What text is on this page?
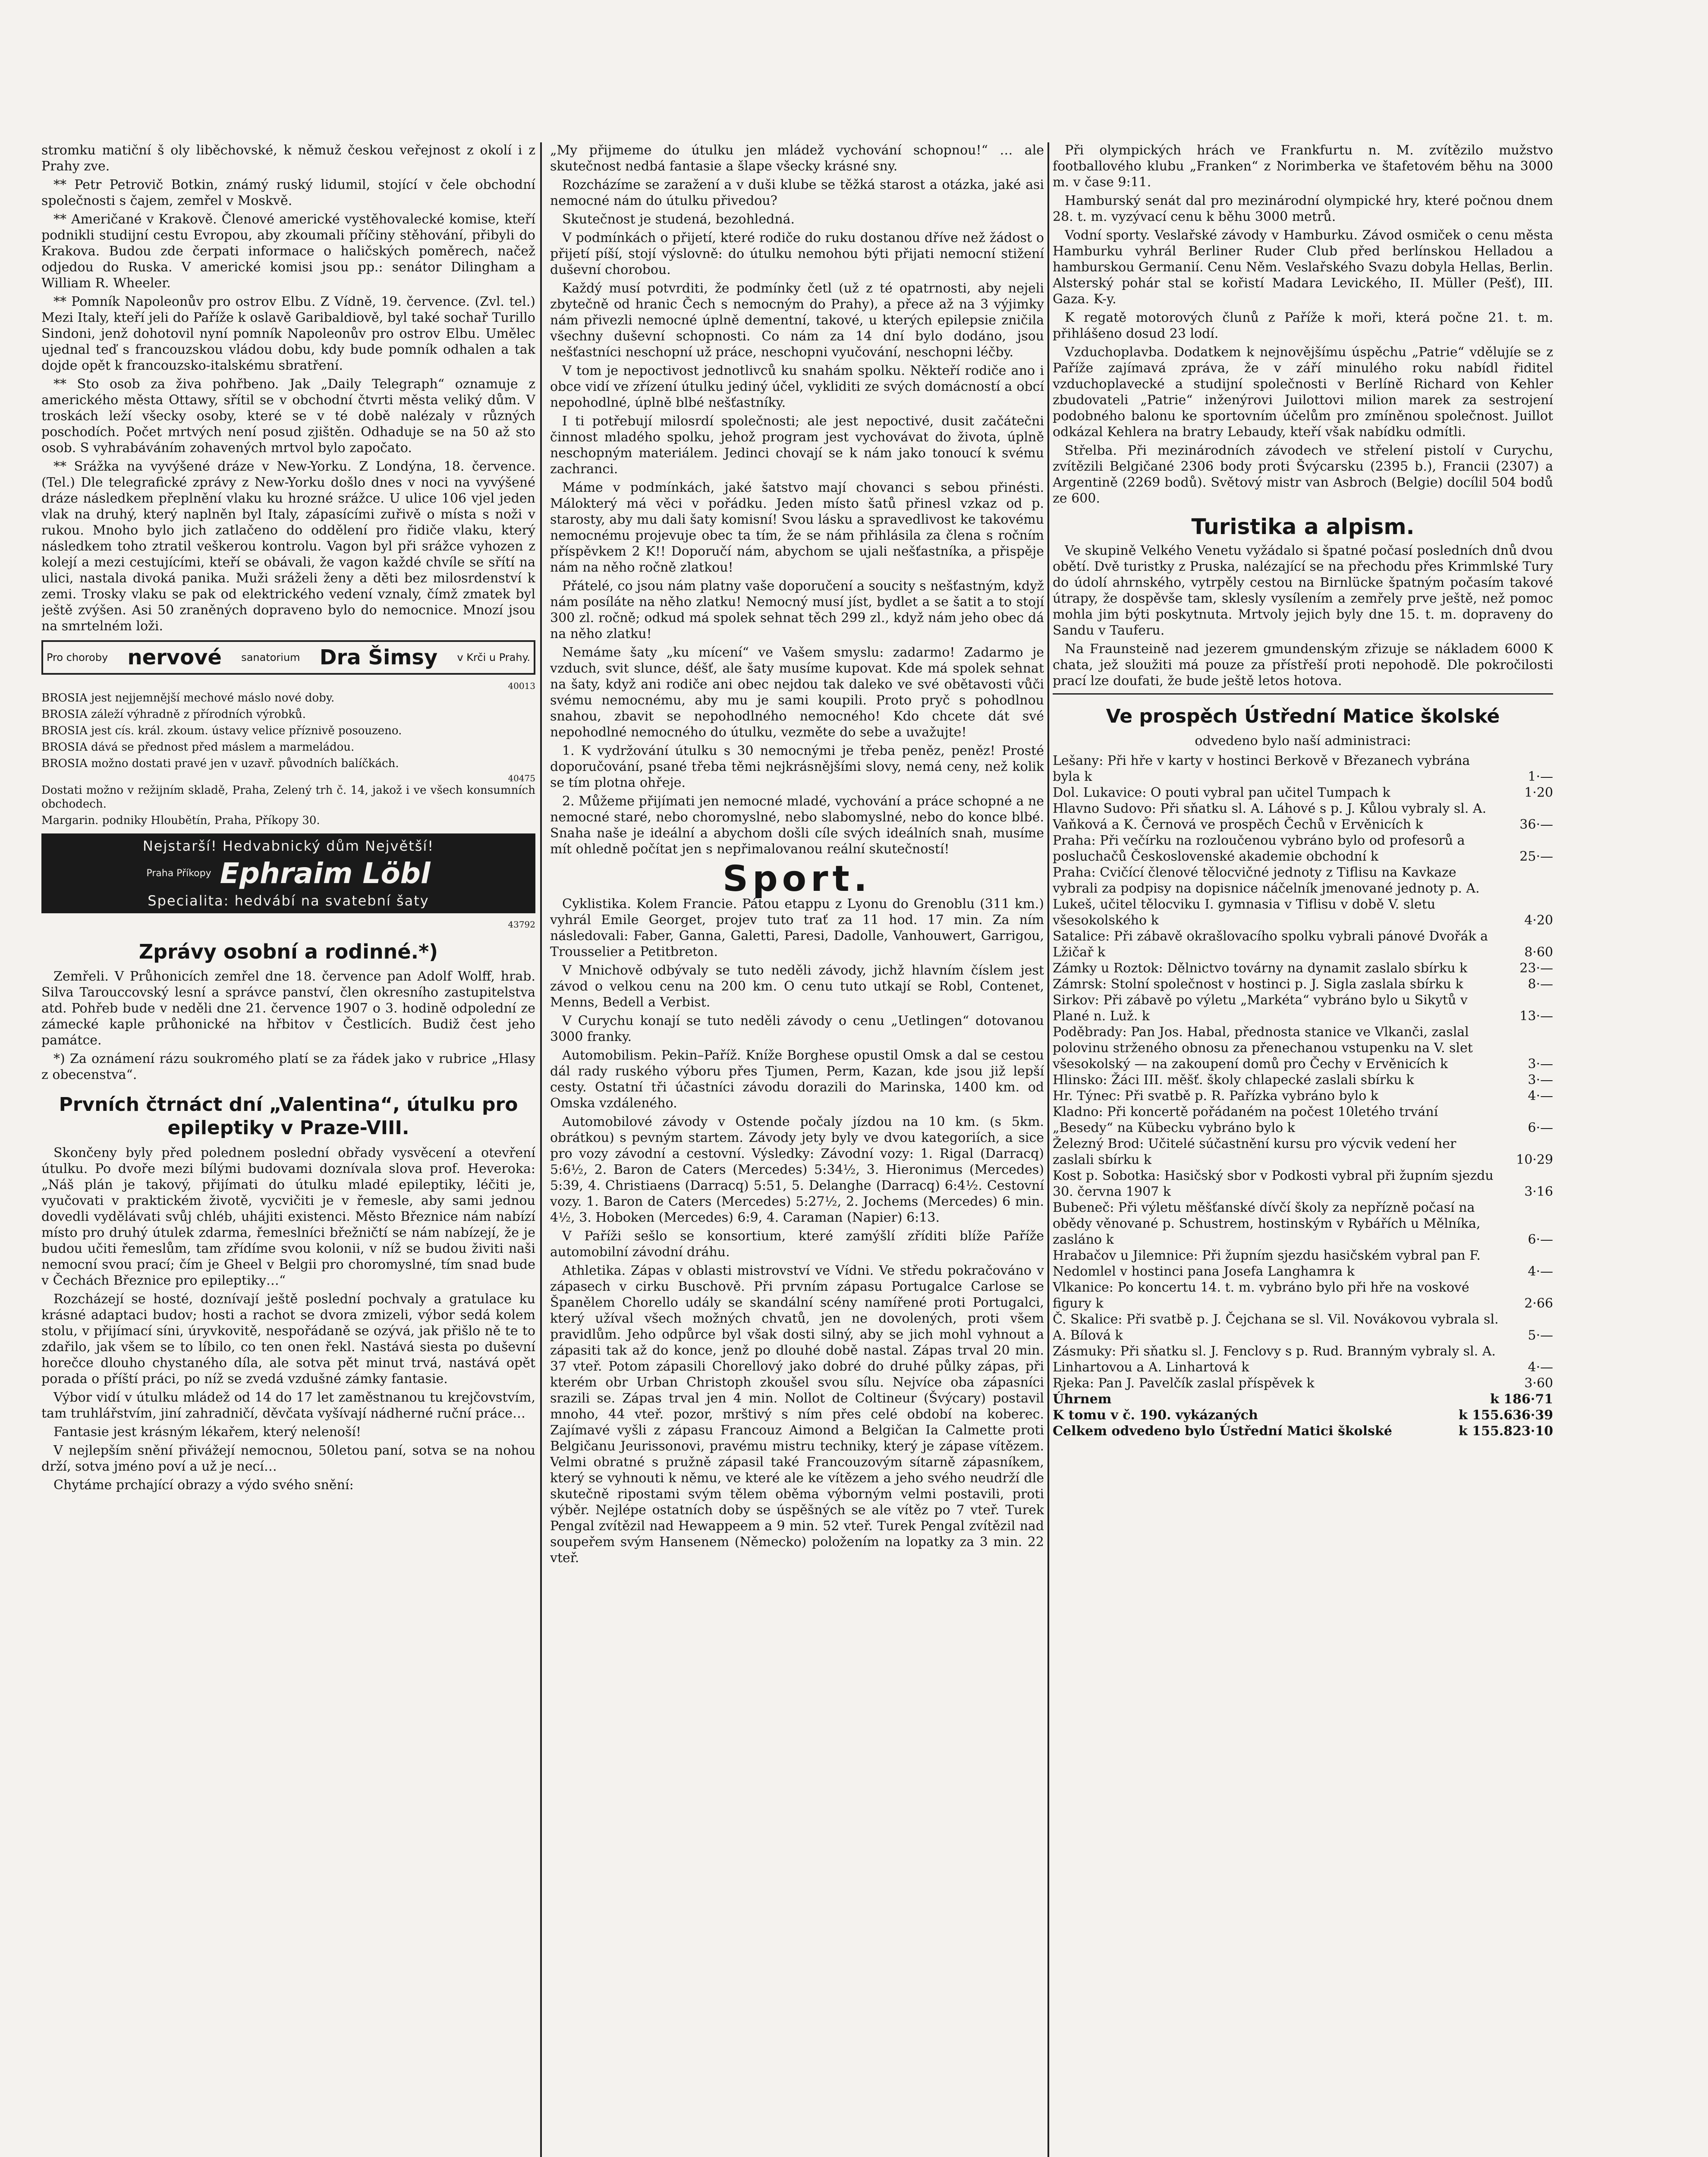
stromku matiční š oly liběchovské, k němuž českou veřejnost z okolí i z Prahy zve.

** Petr Petrovič Botkin, známý ruský lidumil, stojící v čele obchodní společnosti s čajem, zemřel v Moskvě.

** Američané v Krakově. Členové americké vystěhovalecké komise, kteří podnikli studijní cestu Evropou, aby zkoumali příčiny stěhování, přibyli do Krakova. Budou zde čerpati informace o haličských poměrech, načež odjedou do Ruska. V americké komisi jsou pp.: senátor Dilingham a William R. Wheeler.

** Pomník Napoleonův pro ostrov Elbu. Z Vídně, 19. července. (Zvl. tel.) Mezi Italy, kteří jeli do Paříže k oslavě Garibaldiově, byl také sochař Turillo Sindoni, jenž dohotovil nyní pomník Napoleonův pro ostrov Elbu. Umělec ujednal teď s francouzskou vládou dobu, kdy bude pomník odhalen a tak dojde opět k francouzsko-italskému sbratření.

** Sto osob za živa pohřbeno. Jak „Daily Telegraph“ oznamuje z amerického města Ottawy, sřítil se v obchodní čtvrti města veliký dům. V troskách leží všecky osoby, které se v té době nalézaly v různých poschodích. Počet mrtvých není posud zjištěn. Odhaduje se na 50 až sto osob. S vyhrabáváním zohavených mrtvol bylo započato.

** Srážka na vyvýšené dráze v New-Yorku. Z Londýna, 18. července. (Tel.) Dle telegrafické zprávy z New-Yorku došlo dnes v noci na vyvýšené dráze následkem přeplnění vlaku ku hrozné srážce. U ulice 106 vjel jeden vlak na druhý, který naplněn byl Italy, zápasícími zuřivě o místa s noži v rukou. Mnoho bylo jich zatlačeno do oddělení pro řidiče vlaku, který následkem toho ztratil veškerou kontrolu. Vagon byl při srážce vyhozen z kolejí a mezi cestujícími, kteří se obávali, že vagon každé chvíle se sřítí na ulici, nastala divoká panika. Muži sráželi ženy a děti bez milosrdenství k zemi. Trosky vlaku se pak od elektrického vedení vznaly, čímž zmatek byl ještě zvýšen. Asi 50 zraněných dopraveno bylo do nemocnice. Mnozí jsou na smrtelném loži.

Pro choroby nervové sanatorium Dra Šimsy v Krči u Prahy.
40013

BROSIA jest nejjemnější mechové máslo nové doby.

BROSIA záleží výhradně z přírodních výrobků.

BROSIA jest cís. král. zkoum. ústavy velice příznivě posouzeno.

BROSIA dává se přednost před máslem a marmeládou.

BROSIA možno dostati pravé jen v uzavř. původních balíčkách.

40475

Dostati možno v režijním skladě, Praha, Zelený trh č. 14, jakož i ve všech konsumních obchodech.

Margarin. podniky Hloubětín, Praha, Příkopy 30.

Nejstarší! Hedvabnický dům Největší!
Praha Příkopy Ephraim Löbl
Specialita: hedvábí na svatební šaty
43792
Zprávy osobní a rodinné.*)

Zemřeli. V Průhonicích zemřel dne 18. července pan Adolf Wolff, hrab. Silva Tarouccovský lesní a správce panství, člen okresního zastupitelstva atd. Pohřeb bude v neděli dne 21. července 1907 o 3. hodině odpolední ze zámecké kaple průhonické na hřbitov v Čestlicích. Budiž čest jeho památce.

*) Za oznámení rázu soukromého platí se za řádek jako v rubrice „Hlasy z obecenstva“.

Prvních čtrnáct dní „Valentina“, útulku pro epileptiky v Praze-VIII.

Skončeny byly před polednem poslední obřady vysvěcení a otevření útulku. Po dvoře mezi bílými budovami doznívala slova prof. Heveroka: „Náš plán je takový, přijímati do útulku mladé epileptiky, léčiti je, vyučovati v praktickém životě, vycvičiti je v řemesle, aby sami jednou dovedli vydělávati svůj chléb, uhájiti existenci. Město Březnice nám nabízí místo pro druhý útulek zdarma, řemeslníci břežničtí se nám nabízejí, že je budou učiti řemeslům, tam zřídíme svou kolonii, v níž se budou živiti naši nemocní svou prací; čím je Gheel v Belgii pro choromyslné, tím snad bude v Čechách Březnice pro epileptiky…“

Rozcházejí se hosté, doznívají ještě poslední pochvaly a gratulace ku krásné adaptaci budov; hosti a rachot se dvora zmizeli, výbor sedá kolem stolu, v přijímací síni, úryvkovitě, nespořádaně se ozývá, jak přišlo ně te to zdařilo, jak všem se to líbilo, co ten onen řekl. Nastává siesta po duševní horečce dlouho chystaného díla, ale sotva pět minut trvá, nastává opět porada o příští práci, po níž se zvedá vzdušné zámky fantasie.

Výbor vidí v útulku mládež od 14 do 17 let zaměstnanou tu krejčovstvím, tam truhlářstvím, jiní zahradničí, děvčata vyšívají nádherné ruční práce…

Fantasie jest krásným lékařem, který nelenoší!

V nejlepším snění přivážejí nemocnou, 50letou paní, sotva se na nohou drží, sotva jméno poví a už je necí…

Chytáme prchající obrazy a výdo svého snění:

„My přijmeme do útulku jen mládež vychování schopnou!“ … ale skutečnost nedbá fantasie a šlape všecky krásné sny.

Rozcházíme se zaražení a v duši klube se těžká starost a otázka, jaké asi nemocné nám do útulku přivedou?

Skutečnost je studená, bezohledná.

V podmínkách o přijetí, které rodiče do ruku dostanou dříve než žádost o přijetí píší, stojí výslovně: do útulku nemohou býti přijati nemocní stižení duševní chorobou.

Každý musí potvrditi, že podmínky četl (už z té opatrnosti, aby nejeli zbytečně od hranic Čech s nemocným do Prahy), a přece až na 3 výjimky nám přivezli nemocné úplně dementní, takové, u kterých epilepsie zničila všechny duševní schopnosti. Co nám za 14 dní bylo dodáno, jsou nešťastníci neschopní už práce, neschopni vyučování, neschopni léčby.

V tom je nepoctivost jednotlivců ku snahám spolku. Někteří rodiče ano i obce vidí ve zřízení útulku jediný účel, vykliditi ze svých domácností a obcí nepohodlné, úplně blbé nešťastníky.

I ti potřebují milosrdí společnosti; ale jest nepoctivé, dusit začátečni činnost mladého spolku, jehož program jest vychovávat do života, úplně neschopným materiálem. Jedinci chovají se k nám jako tonoucí k svému zachranci.

Máme v podmínkách, jaké šatstvo mají chovanci s sebou přinésti. Málokterý má věci v pořádku. Jeden místo šatů přinesl vzkaz od p. starosty, aby mu dali šaty komisní! Svou lásku a spravedlivost ke takovému nemocnému projevuje obec ta tím, že se nám přihlásila za člena s ročním příspěvkem 2 K!! Doporučí nám, abychom se ujali nešťastníka, a přispěje nám na něho ročně zlatkou!

Přátelé, co jsou nám platny vaše doporučení a soucity s nešťastným, když nám posíláte na něho zlatku! Nemocný musí jíst, bydlet a se šatit a to stojí 300 zl. ročně; odkud má spolek sehnat těch 299 zl., když nám jeho obec dá na něho zlatku!

Nemáme šaty „ku mícení“ ve Vašem smyslu: zadarmo! Zadarmo je vzduch, svit slunce, déšť, ale šaty musíme kupovat. Kde má spolek sehnat na šaty, když ani rodiče ani obec nejdou tak daleko ve své obětavosti vůči svému nemocnému, aby mu je sami koupili. Proto pryč s pohodlnou snahou, zbavit se nepohodlného nemocného! Kdo chcete dát své nepohodlné nemocného do útulku, vezměte do sebe a uvažujte!

1. K vydržování útulku s 30 nemocnými je třeba peněz, peněz! Prosté doporučování, psané třeba těmi nejkrásnějšími slovy, nemá ceny, než kolik se tím plotna ohřeje.

2. Můžeme přijímati jen nemocné mladé, vychování a práce schopné a ne nemocné staré, nebo choromyslné, nebo slabomyslné, nebo do konce blbé. Snaha naše je ideální a abychom došli cíle svých ideálních snah, musíme mít ohledně počítat jen s nepřimalovanou reální skutečností!

Sport.

Cyklistika. Kolem Francie. Pátou etappu z Lyonu do Grenoblu (311 km.) vyhrál Emile Georget, projev tuto trať za 11 hod. 17 min. Za ním následovali: Faber, Ganna, Galetti, Paresi, Dadolle, Vanhouwert, Garrigou, Trousselier a Petitbreton.

V Mnichově odbývaly se tuto neděli závody, jichž hlavním číslem jest závod o velkou cenu na 200 km. O cenu tuto utkají se Robl, Contenet, Menns, Bedell a Verbist.

V Curychu konají se tuto neděli závody o cenu „Uetlingen“ dotovanou 3000 franky.

Automobilism. Pekin–Paříž. Kníže Borghese opustil Omsk a dal se cestou dál rady ruského výboru přes Tjumen, Perm, Kazan, kde jsou již lepší cesty. Ostatní tři účastníci závodu dorazili do Marinska, 1400 km. od Omska vzdáleného.

Automobilové závody v Ostende počaly jízdou na 10 km. (s 5km. obrátkou) s pevným startem. Závody jety byly ve dvou kategoriích, a sice pro vozy závodní a cestovní. Výsledky: Závodní vozy: 1. Rigal (Darracq) 5:6½, 2. Baron de Caters (Mercedes) 5:34½, 3. Hieronimus (Mercedes) 5:39, 4. Christiaens (Darracq) 5:51, 5. Delanghe (Darracq) 6:4½. Cestovní vozy. 1. Baron de Caters (Mercedes) 5:27½, 2. Jochems (Mercedes) 6 min. 4½, 3. Hoboken (Mercedes) 6:9, 4. Caraman (Napier) 6:13.

V Paříži sešlo se konsortium, které zamýšlí zříditi blíže Paříže automobilní závodní dráhu.

Athletika. Zápas v oblasti mistrovství ve Vídni. Ve středu pokračováno v zápasech v cirku Buschově. Při prvním zápasu Portugalce Carlose se Španělem Chorello udály se skandální scény namířené proti Portugalci, který užíval všech možných chvatů, jen ne dovolených, proti všem pravidlům. Jeho odpůrce byl však dosti silný, aby se jich mohl vyhnout a zápasiti tak až do konce, jenž po dlouhé době nastal. Zápas trval 20 min. 37 vteř. Potom zápasili Chorellový jako dobré do druhé půlky zápas, při kterém obr Urban Christoph zkoušel svou sílu. Nejvíce oba zápasníci srazili se. Zápas trval jen 4 min. Nollot de Coltineur (Švýcary) postavil mnoho, 44 vteř. pozor, mrštivý s ním přes celé období na koberec. Zajímavé vyšli z zápasu Francouz Aimond a Belgičan Ia Calmette proti Belgičanu Jeurissonovi, pravému mistru techniky, který je zápase vítězem. Velmi obratné s pružně zápasil také Francouzovým sítarně zápasníkem, který se vyhnouti k němu, ve které ale ke vítězem a jeho svého neudrží dle skutečně ripostami svým tělem oběma výborným velmi postavili, proti výběr. Nejlépe ostatních doby se úspěšných se ale vítěz po 7 vteř. Turek Pengal zvítězil nad Hewappeem a 9 min. 52 vteř. Turek Pengal zvítězil nad soupeřem svým Hansenem (Německo) položením na lopatky za 3 min. 22 vteř.

Při olympických hrách ve Frankfurtu n. M. zvítězilo mužstvo footballového klubu „Franken“ z Norimberka ve štafetovém běhu na 3000 m. v čase 9:11.

Hamburský senát dal pro mezinárodní olympické hry, které počnou dnem 28. t. m. vyzývací cenu k běhu 3000 metrů.

Vodní sporty. Veslařské závody v Hamburku. Závod osmiček o cenu města Hamburku vyhrál Berliner Ruder Club před berlínskou Helladou a hamburskou Germanií. Cenu Něm. Veslařského Svazu dobyla Hellas, Berlin. Alsterský pohár stal se kořistí Madara Levického, II. Müller (Pešť), III. Gaza. K-y.

K regatě motorových člunů z Paříže k moři, která počne 21. t. m. přihlášeno dosud 23 lodí.

Vzduchoplavba. Dodatkem k nejnovějšímu úspěchu „Patrie“ vdělujíe se z Paříže zajímavá zpráva, že v září minulého roku nabídl řiditel vzduchoplavecké a studijní společnosti v Berlíně Richard von Kehler zbudovateli „Patrie“ inženýrovi Juilottovi milion marek za sestrojení podobného balonu ke sportovním účelům pro zmíněnou společnost. Juillot odkázal Kehlera na bratry Lebaudy, kteří však nabídku odmítli.

Střelba. Při mezinárodních závodech ve střelení pistolí v Curychu, zvítězili Belgičané 2306 body proti Švýcarsku (2395 b.), Francii (2307) a Argentině (2269 bodů). Světový mistr van Asbroch (Belgie) docílil 504 bodů ze 600.

Turistika a alpism.

Ve skupině Velkého Venetu vyžádalo si špatné počasí posledních dnů dvou obětí. Dvě turistky z Pruska, nalézající se na přechodu přes Krimmlské Tury do údolí ahrnského, vytrpěly cestou na Birnlücke špatným počasím takové útrapy, že dospěvše tam, sklesly vysílením a zemřely prve ještě, než pomoc mohla jim býti poskytnuta. Mrtvoly jejich byly dne 15. t. m. dopraveny do Sandu v Tauferu.

Na Fraunsteině nad jezerem gmundenským zřizuje se nákladem 6000 K chata, jež sloužiti má pouze za přístřeší proti nepohodě. Dle pokročilosti prací lze doufati, že bude ještě letos hotova.

Ve prospěch Ústřední Matice školské
odvedeno bylo naší administraci:
Lešany: Při hře v karty v hostinci Berkově v Březanech vybrána byla k	1·—
Dol. Lukavice: O pouti vybral pan učitel Tumpach k	1·20
Hlavno Sudovo: Při sňatku sl. A. Láhové s p. J. Kůlou vybraly sl. A. Vaňková a K. Černová ve prospěch Čechů v Ervěnicích k	36·—
Praha: Při večírku na rozloučenou vybráno bylo od profesorů a posluchačů Československé akademie obchodní k	25·—
Praha: Cvičící členové tělocvičné jednoty z Tiflisu na Kavkaze vybrali za podpisy na dopisnice náčelník jmenované jednoty p. A. Lukeš, učitel tělocviku I. gymnasia v Tiflisu v době V. sletu všesokolského k	4·20
Satalice: Při zábavě okrašlovacího spolku vybrali pánové Dvořák a Lžičař k	8·60
Zámky u Roztok: Dělnictvo továrny na dynamit zaslalo sbírku k	23·—
Zámrsk: Stolní společnost v hostinci p. J. Sigla zaslala sbírku k	8·—
Sirkov: Při zábavě po výletu „Markéta“ vybráno bylo u Sikytů v Plané n. Luž. k	13·—
Poděbrady: Pan Jos. Habal, přednosta stanice ve Vlkanči, zaslal polovinu strženého obnosu za přenechanou vstupenku na V. slet všesokolský — na zakoupení domů pro Čechy v Ervěnicích k	3·—
Hlinsko: Žáci III. měšť. školy chlapecké zaslali sbírku k	3·—
Hr. Týnec: Při svatbě p. R. Pařízka vybráno bylo k	4·—
Kladno: Při koncertě pořádaném na počest 10letého trvání „Besedy“ na Kübecku vybráno bylo k	6·—
Železný Brod: Učitelé súčastnění kursu pro výcvik vedení her zaslali sbírku k	10·29
Kost p. Sobotka: Hasičský sbor v Podkosti vybral při župním sjezdu 30. června 1907 k	3·16
Bubeneč: Při výletu měšťanské dívčí školy za nepřízně počasí na obědy věnované p. Schustrem, hostinským v Rybářích u Mělníka, zasláno k	6·—
Hrabačov u Jilemnice: Při župním sjezdu hasičském vybral pan F. Nedomlel v hostinci pana Josefa Langhamra k	4·—
Vlkanice: Po koncertu 14. t. m. vybráno bylo při hře na voskové figury k	2·66
Č. Skalice: Při svatbě p. J. Čejchana se sl. Vil. Novákovou vybrala sl. A. Bílová k	5·—
Zásmuky: Při sňatku sl. J. Fenclovy s p. Rud. Branným vybraly sl. A. Linhartovou a A. Linhartová k	4·—
Rjeka: Pan J. Pavelčík zaslal příspěvek k	3·60
Úhrnem	k 186·71
K tomu v č. 190. vykázaných	k 155.636·39
Celkem odvedeno bylo Ústřední Matici školské	k 155.823·10
